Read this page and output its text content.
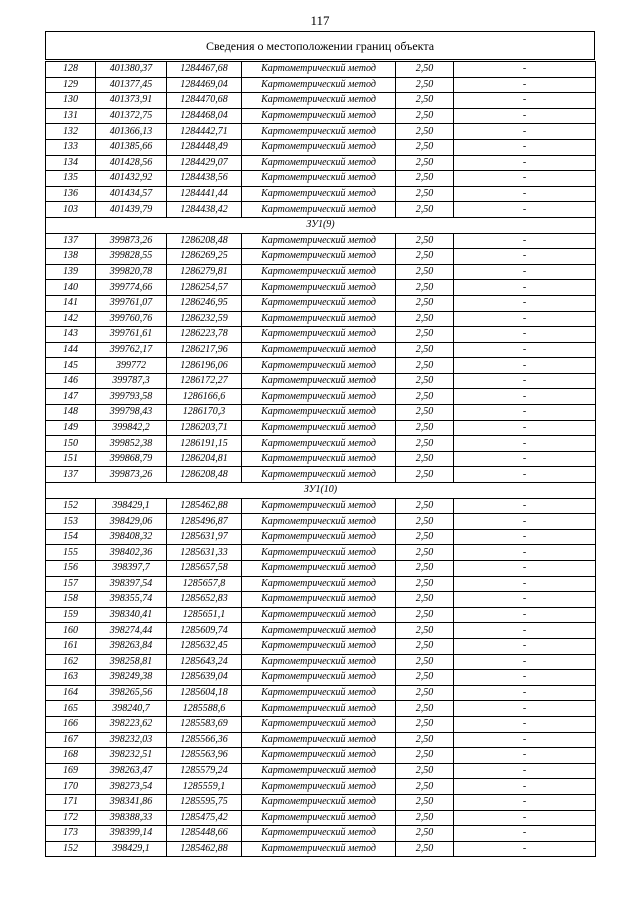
117
Сведения о местоположении границ объекта
128	401380,37	1284467,68	Картометрический метод	2,50	-
129	401377,45	1284469,04	Картометрический метод	2,50	-
130	401373,91	1284470,68	Картометрический метод	2,50	-
131	401372,75	1284468,04	Картометрический метод	2,50	-
132	401366,13	1284442,71	Картометрический метод	2,50	-
133	401385,66	1284448,49	Картометрический метод	2,50	-
134	401428,56	1284429,07	Картометрический метод	2,50	-
135	401432,92	1284438,56	Картометрический метод	2,50	-
136	401434,57	1284441,44	Картометрический метод	2,50	-
103	401439,79	1284438,42	Картометрический метод	2,50	-
ЗУ1(9)					
137	399873,26	1286208,48	Картометрический метод	2,50	-
138	399828,55	1286269,25	Картометрический метод	2,50	-
139	399820,78	1286279,81	Картометрический метод	2,50	-
140	399774,66	1286254,57	Картометрический метод	2,50	-
141	399761,07	1286246,95	Картометрический метод	2,50	-
142	399760,76	1286232,59	Картометрический метод	2,50	-
143	399761,61	1286223,78	Картометрический метод	2,50	-
144	399762,17	1286217,96	Картометрический метод	2,50	-
145	399772	1286196,06	Картометрический метод	2,50	-
146	399787,3	1286172,27	Картометрический метод	2,50	-
147	399793,58	1286166,6	Картометрический метод	2,50	-
148	399798,43	1286170,3	Картометрический метод	2,50	-
149	399842,2	1286203,71	Картометрический метод	2,50	-
150	399852,38	1286191,15	Картометрический метод	2,50	-
151	399868,79	1286204,81	Картометрический метод	2,50	-
137	399873,26	1286208,48	Картометрический метод	2,50	-
ЗУ1(10)					
152	398429,1	1285462,88	Картометрический метод	2,50	-
153	398429,06	1285496,87	Картометрический метод	2,50	-
154	398408,32	1285631,97	Картометрический метод	2,50	-
155	398402,36	1285631,33	Картометрический метод	2,50	-
156	398397,7	1285657,58	Картометрический метод	2,50	-
157	398397,54	1285657,8	Картометрический метод	2,50	-
158	398355,74	1285652,83	Картометрический метод	2,50	-
159	398340,41	1285651,1	Картометрический метод	2,50	-
160	398274,44	1285609,74	Картометрический метод	2,50	-
161	398263,84	1285632,45	Картометрический метод	2,50	-
162	398258,81	1285643,24	Картометрический метод	2,50	-
163	398249,38	1285639,04	Картометрический метод	2,50	-
164	398265,56	1285604,18	Картометрический метод	2,50	-
165	398240,7	1285588,6	Картометрический метод	2,50	-
166	398223,62	1285583,69	Картометрический метод	2,50	-
167	398232,03	1285566,36	Картометрический метод	2,50	-
168	398232,51	1285563,96	Картометрический метод	2,50	-
169	398263,47	1285579,24	Картометрический метод	2,50	-
170	398273,54	1285559,1	Картометрический метод	2,50	-
171	398341,86	1285595,75	Картометрический метод	2,50	-
172	398388,33	1285475,42	Картометрический метод	2,50	-
173	398399,14	1285448,66	Картометрический метод	2,50	-
152	398429,1	1285462,88	Картометрический метод	2,50	-
